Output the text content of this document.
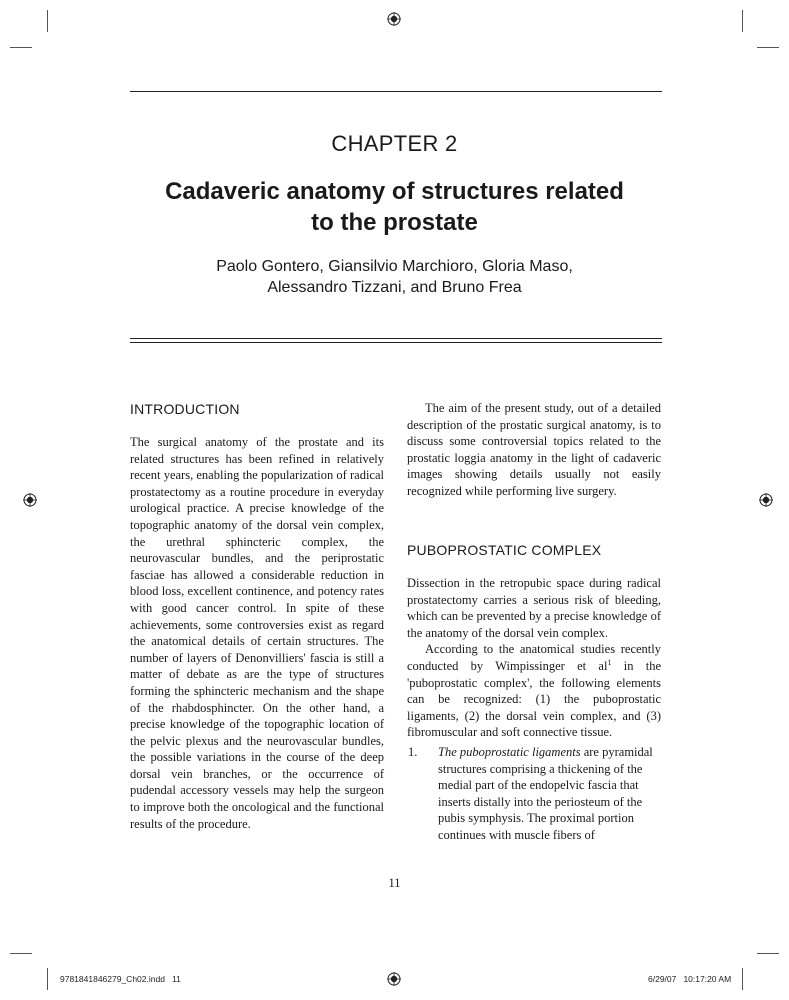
CHAPTER 2
Cadaveric anatomy of structures related
to the prostate
Paolo Gontero, Giansilvio Marchioro, Gloria Maso,
Alessandro Tizzani, and Bruno Frea
INTRODUCTION

The surgical anatomy of the prostate and its related structures has been refined in relatively recent years, enabling the popularization of radical prostatectomy as a routine procedure in everyday urological practice. A precise knowledge of the topographic anatomy of the dorsal vein complex, the urethral sphincteric complex, the neurovascular bundles, and the periprostatic fasciae has allowed a considerable reduction in blood loss, excellent continence, and potency rates with good cancer control. In spite of these achievements, some controversies exist as regard the anatomical details of certain structures. The number of layers of Denonvilliers' fascia is still a matter of debate as are the type of structures forming the sphincteric mechanism and the shape of the rhabdosphincter. On the other hand, a precise knowledge of the topographic location of the pelvic plexus and the neurovascular bundles, the possible variations in the course of the deep dorsal vein branches, or the occurrence of pudendal accessory vessels may help the surgeon to improve both the oncological and the functional results of the procedure.

The aim of the present study, out of a detailed description of the prostatic surgical anatomy, is to discuss some controversial topics related to the prostatic loggia anatomy in the light of cadaveric images showing details usually not easily recognized while performing live surgery.

PUBOPROSTATIC COMPLEX

Dissection in the retropubic space during radical prostatectomy carries a serious risk of bleeding, which can be prevented by a precise knowledge of the anatomy of the dorsal vein complex.

According to the anatomical studies recently conducted by Wimpissinger et $al^1$ in the 'puboprostatic complex', the following elements can be recognized: (1) the puboprostatic ligaments, (2) the dorsal vein complex, and (3) fibromuscular and soft connective tissue.

1. The puboprostatic ligaments are pyramidal structures comprising a thickening of the medial part of the endopelvic fascia that inserts distally into the periosteum of the pubis symphysis. The proximal portion continues with muscle fibers of
11
9781841846279_Ch02.indd   11	6/29/07   10:17:20 AM
